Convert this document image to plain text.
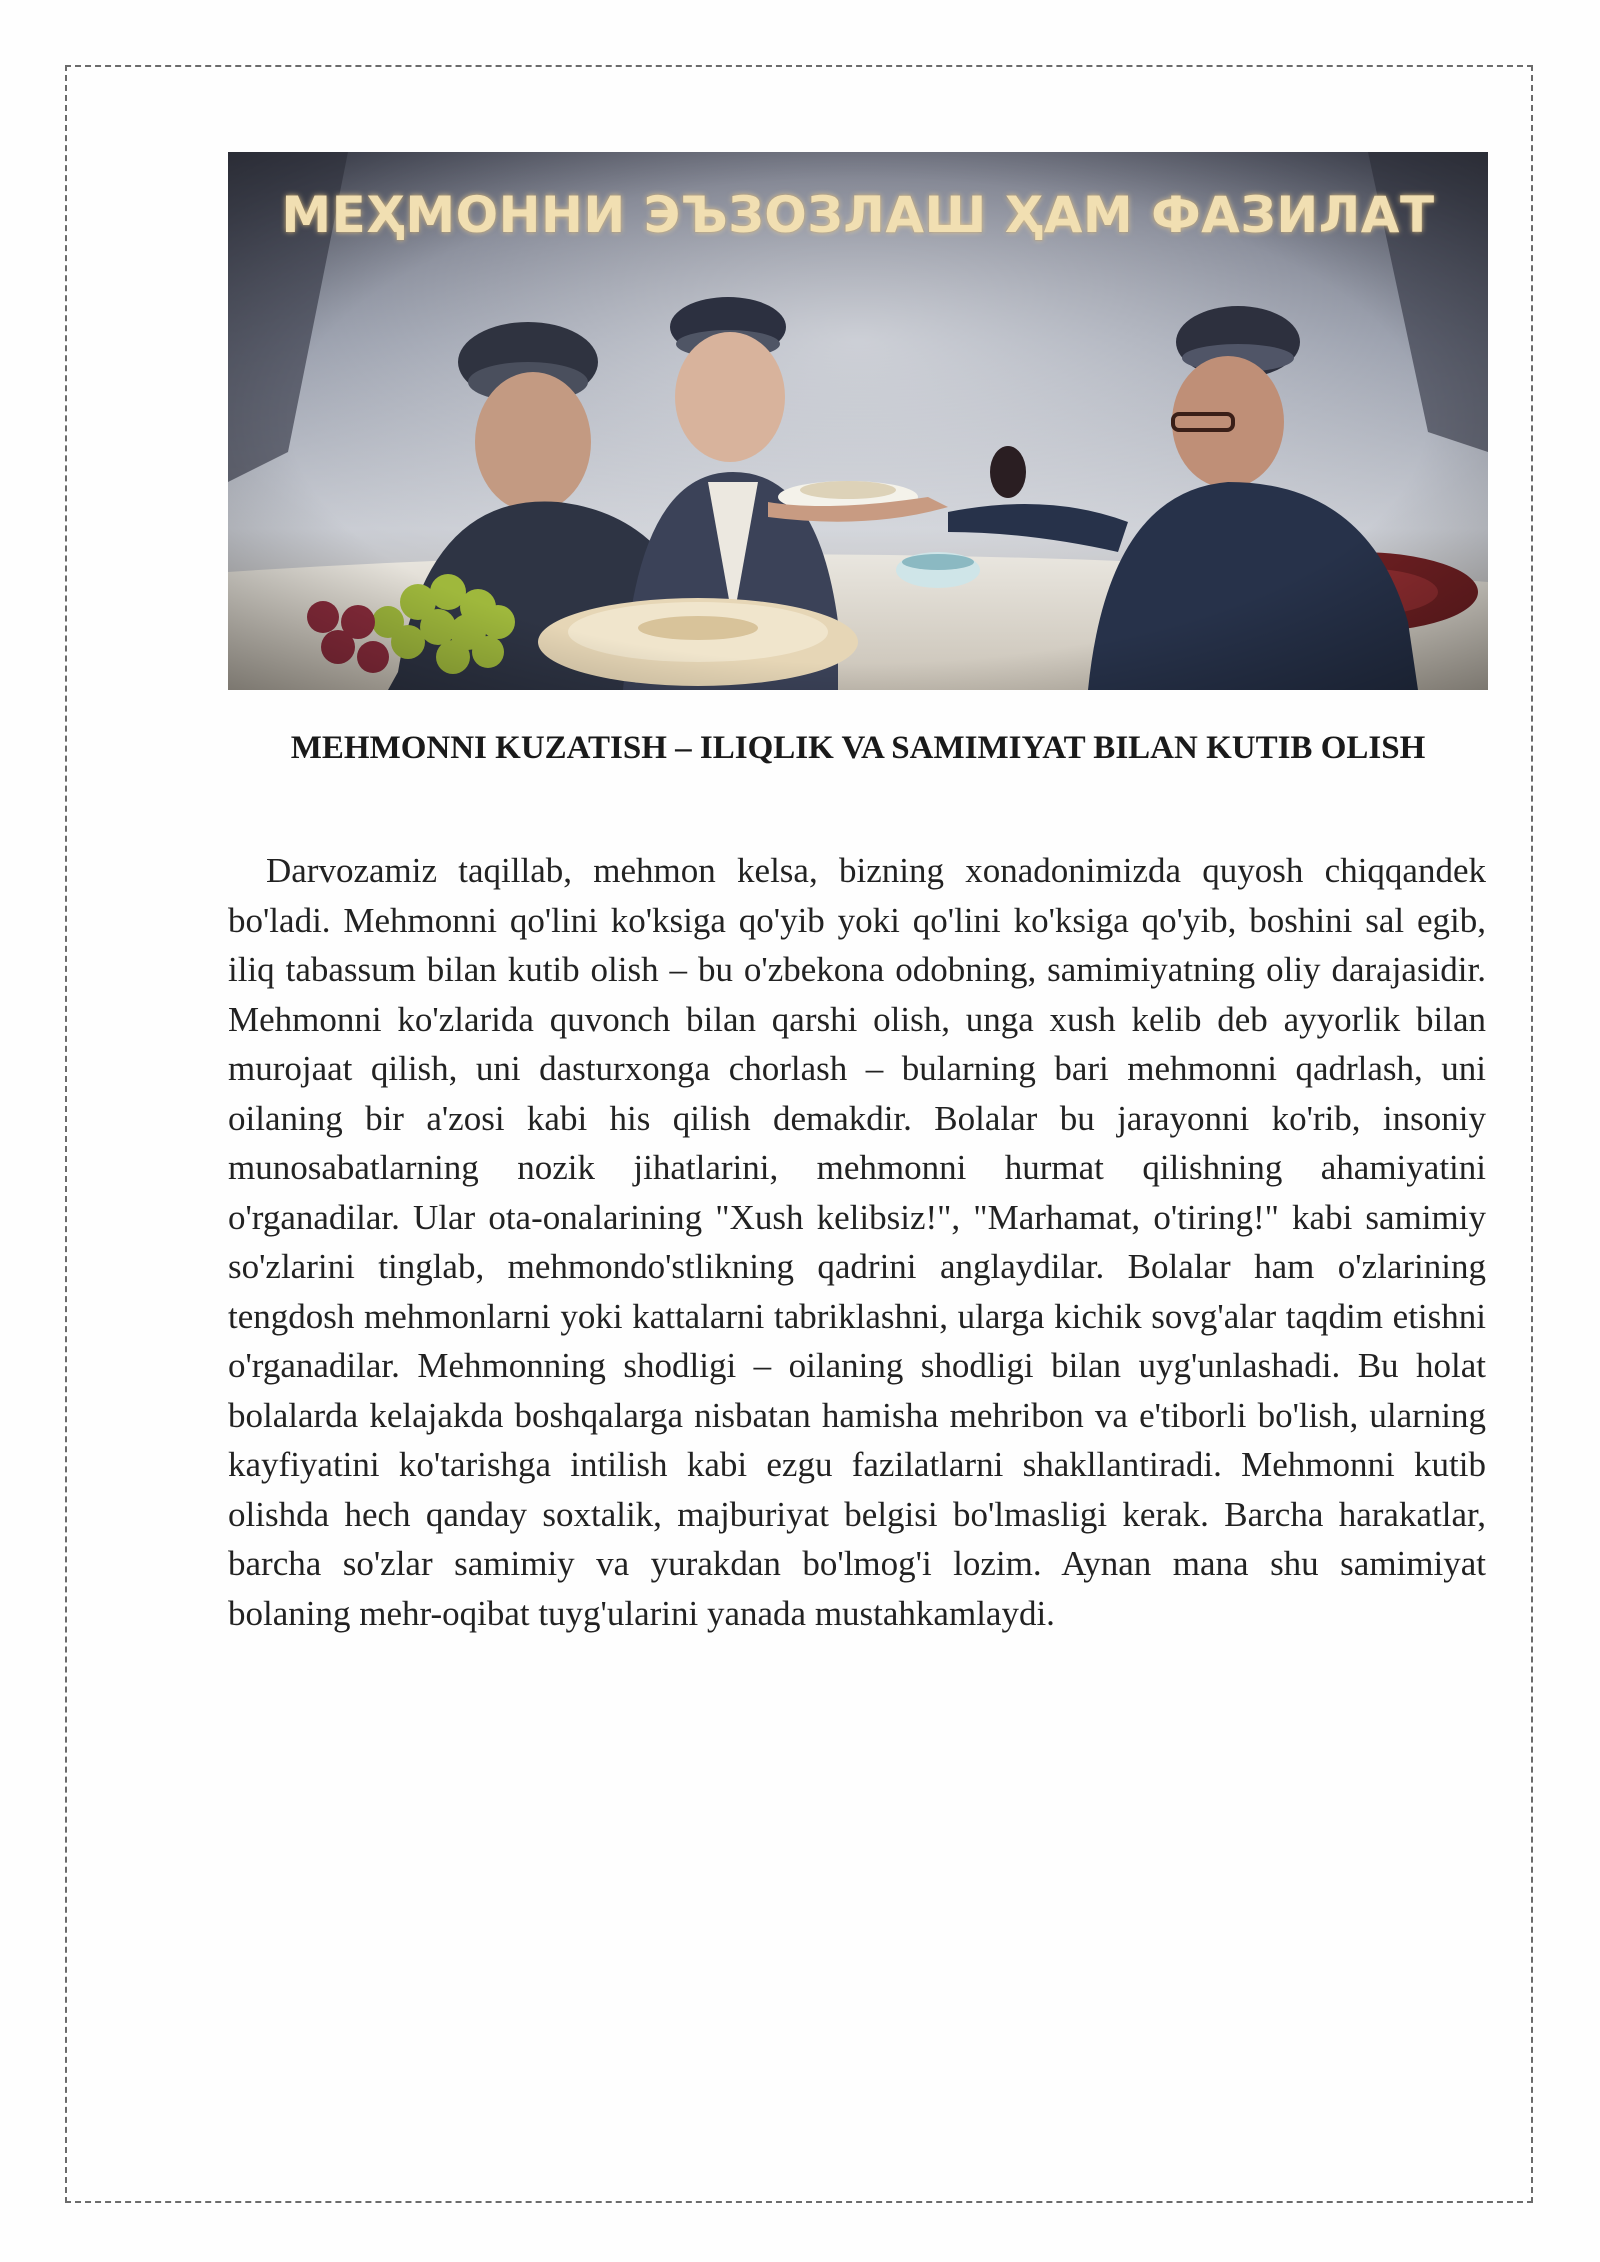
МЕҲМОННИ ЭЪЗОЗЛАШ ҲАМ ФАЗИЛАТ
MEHMONNI KUZATISH – ILIQLIK VA SAMIMIYAT BILAN KUTIB OLISH

Darvozamiz taqillab, mehmon kelsa, bizning xonadonimizda quyosh chiqqandek bo'ladi. Mehmonni qo'lini ko'ksiga qo'yib yoki qo'lini ko'ksiga qo'yib, boshini sal egib, iliq tabassum bilan kutib olish – bu o'zbekona odobning, samimiyatning oliy darajasidir. Mehmonni ko'zlarida quvonch bilan qarshi olish, unga xush kelib deb ayyorlik bilan murojaat qilish, uni dasturxonga chorlash – bularning bari mehmonni qadrlash, uni oilaning bir a'zosi kabi his qilish demakdir. Bolalar bu jarayonni ko'rib, insoniy munosabatlarning nozik jihatlarini, mehmonni hurmat qilishning ahamiyatini o'rganadilar. Ular ota-onalarining "Xush kelibsiz!", "Marhamat, o'tiring!" kabi samimiy so'zlarini tinglab, mehmondo'stlikning qadrini anglaydilar. Bolalar ham o'zlarining tengdosh mehmonlarni yoki kattalarni tabriklashni, ularga kichik sovg'alar taqdim etishni o'rganadilar. Mehmonning shodligi – oilaning shodligi bilan uyg'unlashadi. Bu holat bolalarda kelajakda boshqalarga nisbatan hamisha mehribon va e'tiborli bo'lish, ularning kayfiyatini ko'tarishga intilish kabi ezgu fazilatlarni shakllantiradi. Mehmonni kutib olishda hech qanday soxtalik, majburiyat belgisi bo'lmasligi kerak. Barcha harakatlar, barcha so'zlar samimiy va yurakdan bo'lmog'i lozim. Aynan mana shu samimiyat bolaning mehr-oqibat tuyg'ularini yanada mustahkamlaydi.
